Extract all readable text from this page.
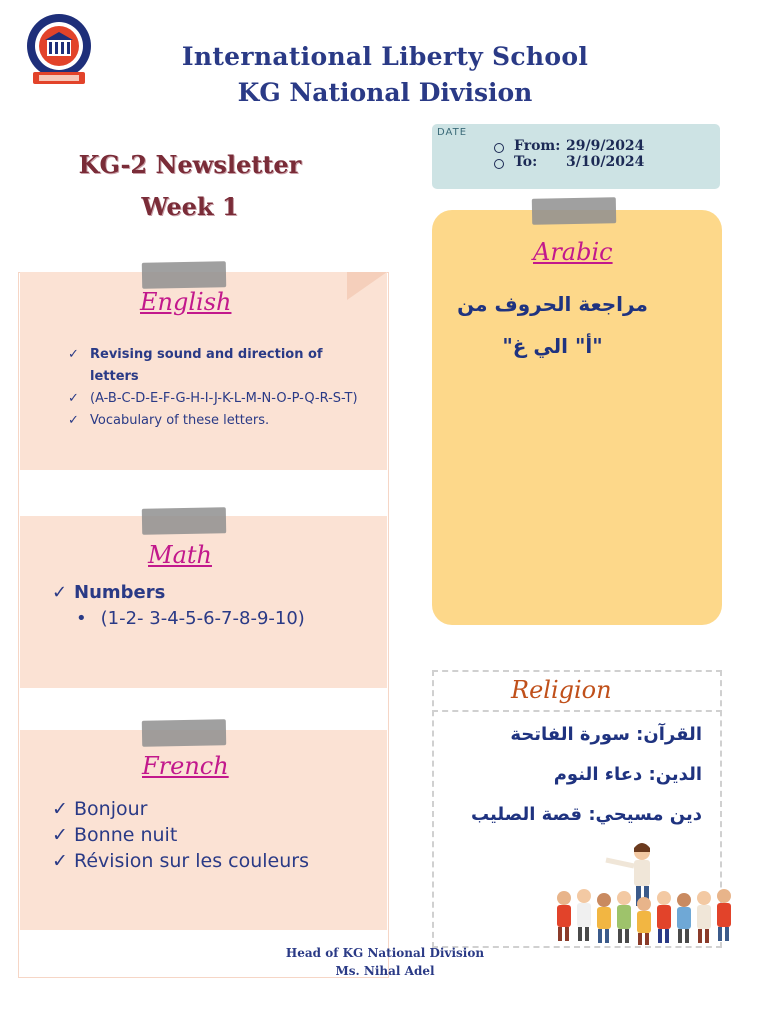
International Liberty School
KG National Division
KG-2 Newsletter
Week 1
DATE
From: 29/9/2024
To:	3/10/2024
English
✓ Revising sound and direction of letters
✓ (A-B-C-D-E-F-G-H-I-J-K-L-M-N-O-P-Q-R-S-T)
✓ Vocabulary of these letters.
Math
✓ Numbers
• (1-2- 3-4-5-6-7-8-9-10)
French
✓ Bonjour
✓ Bonne nuit
✓ Révision sur les couleurs
Arabic
مراجعة الحروف من
"أ" الي غ"
Religion
القرآن: سورة الفاتحة
الدين: دعاء النوم
دين مسيحي: قصة الصليب
Head of KG National Division
Ms. Nihal Adel
